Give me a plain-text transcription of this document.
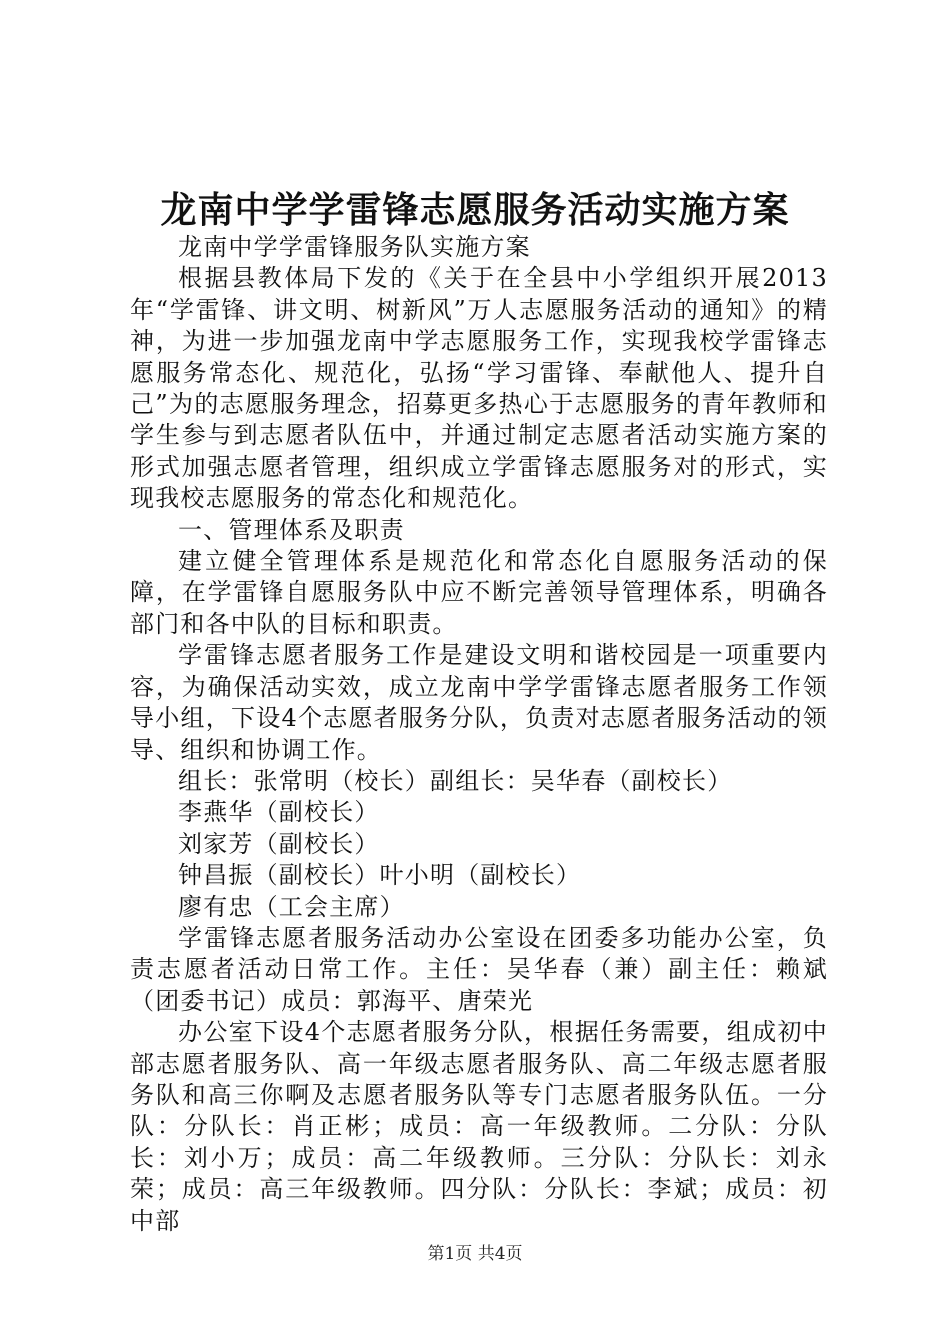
龙南中学学雷锋志愿服务活动实施方案

龙南中学学雷锋服务队实施方案

根据县教体局下发的《关于在全县中小学组织开展2013年“学雷锋、讲文明、树新风”万人志愿服务活动的通知》的精神，为进一步加强龙南中学志愿服务工作，实现我校学雷锋志愿服务常态化、规范化，弘扬“学习雷锋、奉献他人、提升自己”为的志愿服务理念，招募更多热心于志愿服务的青年教师和学生参与到志愿者队伍中，并通过制定志愿者活动实施方案的形式加强志愿者管理，组织成立学雷锋志愿服务对的形式，实现我校志愿服务的常态化和规范化。

一、管理体系及职责

建立健全管理体系是规范化和常态化自愿服务活动的保障，在学雷锋自愿服务队中应不断完善领导管理体系，明确各部门和各中队的目标和职责。

学雷锋志愿者服务工作是建设文明和谐校园是一项重要内容，为确保活动实效，成立龙南中学学雷锋志愿者服务工作领导小组，下设4个志愿者服务分队，负责对志愿者服务活动的领导、组织和协调工作。

组长：张常明（校长）副组长：吴华春（副校长）

李燕华（副校长）

刘家芳（副校长）

钟昌振（副校长）叶小明（副校长）

廖有忠（工会主席）

学雷锋志愿者服务活动办公室设在团委多功能办公室，负责志愿者活动日常工作。主任：吴华春（兼）副主任：赖斌（团委书记）成员：郭海平、唐荣光

办公室下设4个志愿者服务分队，根据任务需要，组成初中部志愿者服务队、高一年级志愿者服务队、高二年级志愿者服务队和高三你啊及志愿者服务队等专门志愿者服务队伍。一分队：分队长：肖正彬；成员：高一年级教师。二分队：分队长：刘小万；成员：高二年级教师。三分队：分队长：刘永荣；成员：高三年级教师。四分队：分队长：李斌；成员：初中部

第1页 共4页
